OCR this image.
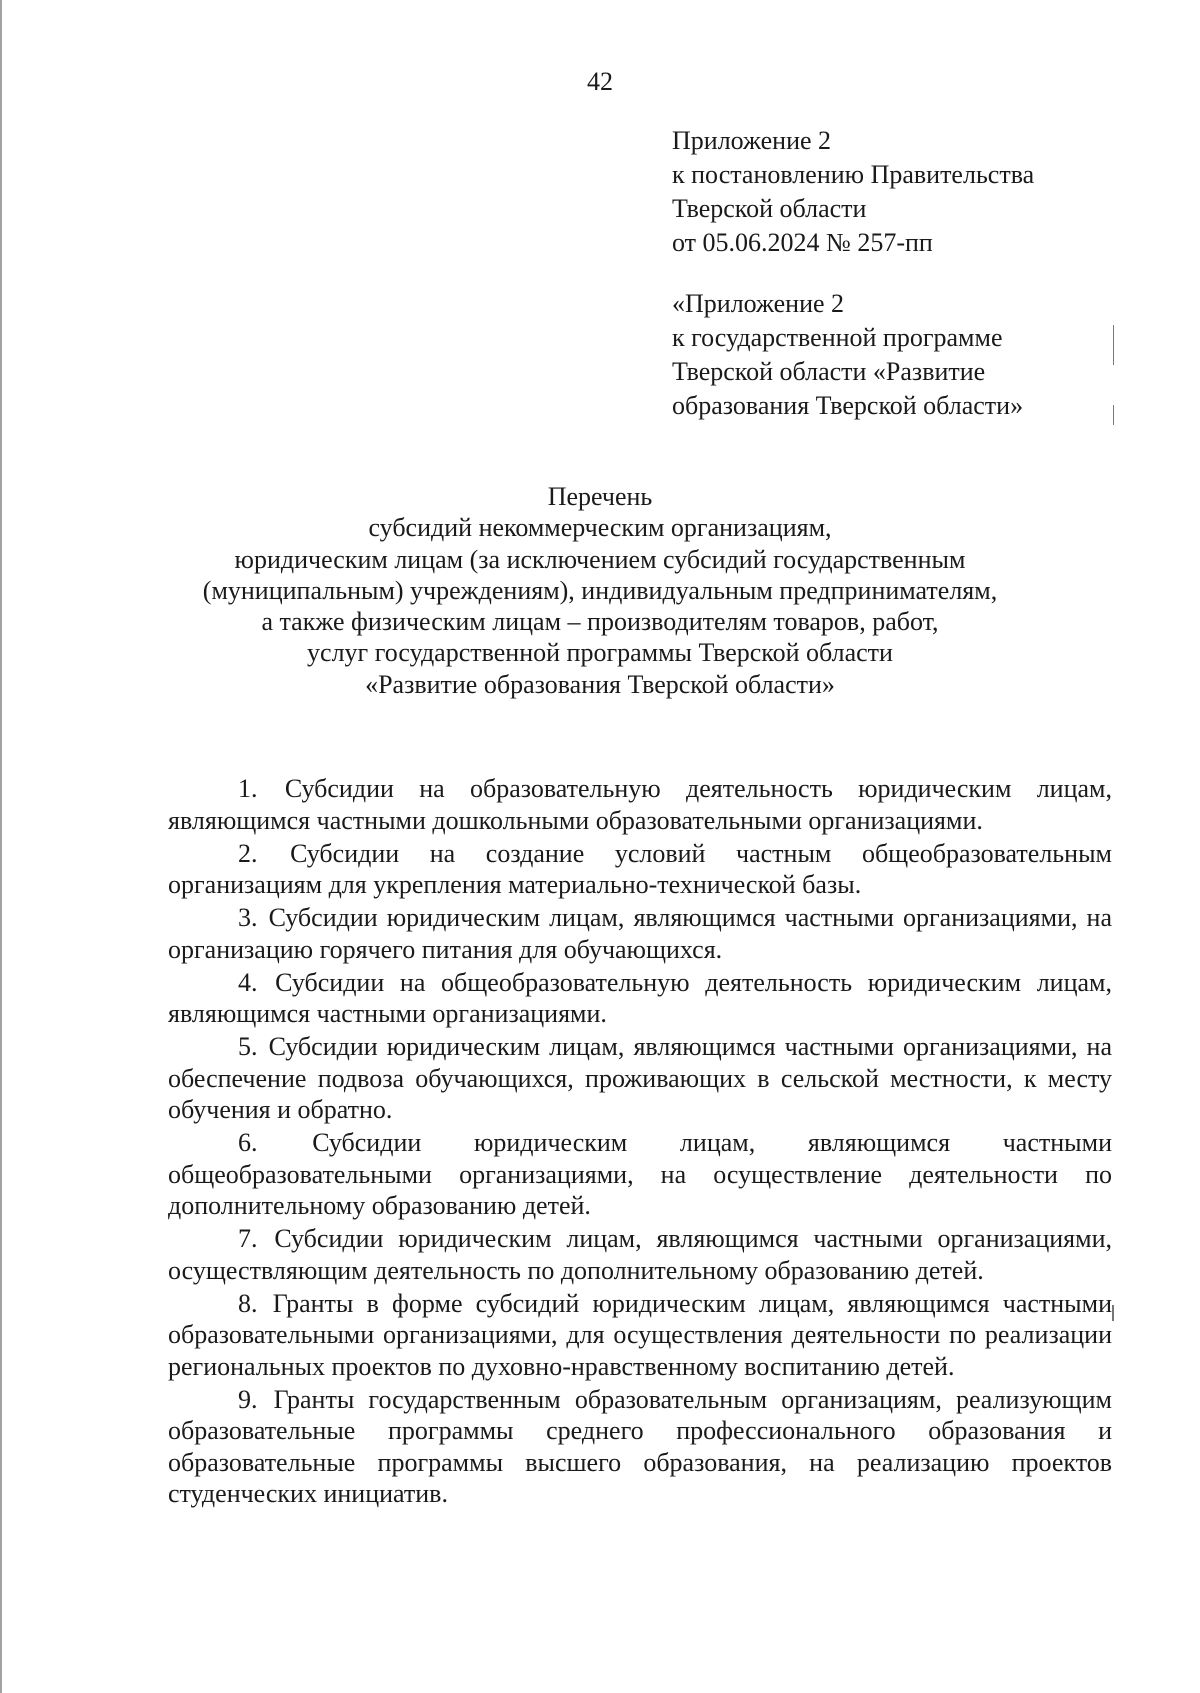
42
Приложение 2
к постановлению Правительства
Тверской области
от 05.06.2024 № 257-пп
«Приложение 2
к государственной программе
Тверской области «Развитие
образования Тверской области»
Перечень
субсидий некоммерческим организациям,
юридическим лицам (за исключением субсидий государственным
(муниципальным) учреждениям), индивидуальным предпринимателям,
а также физическим лицам – производителям товаров, работ,
услуг государственной программы Тверской области
«Развитие образования Тверской области»

1. Субсидии на образовательную деятельность юридическим лицам, являющимся частными дошкольными образовательными организациями.

2. Субсидии на создание условий частным общеобразовательным организациям для укрепления материально-технической базы.

3. Субсидии юридическим лицам, являющимся частными организациями, на организацию горячего питания для обучающихся.

4. Субсидии на общеобразовательную деятельность юридическим лицам, являющимся частными организациями.

5. Субсидии юридическим лицам, являющимся частными организациями, на обеспечение подвоза обучающихся, проживающих в сельской местности, к месту обучения и обратно.

6. Субсидии юридическим лицам, являющимся частными общеобразовательными организациями, на осуществление деятельности по дополнительному образованию детей.

7. Субсидии юридическим лицам, являющимся частными организациями, осуществляющим деятельность по дополнительному образованию детей.

8. Гранты в форме субсидий юридическим лицам, являющимся частными образовательными организациями, для осуществления деятельности по реализации региональных проектов по духовно-нравственному воспитанию детей.

9. Гранты государственным образовательным организациям, реализующим образовательные программы среднего профессионального образования и образовательные программы высшего образования, на реализацию проектов студенческих инициатив.
